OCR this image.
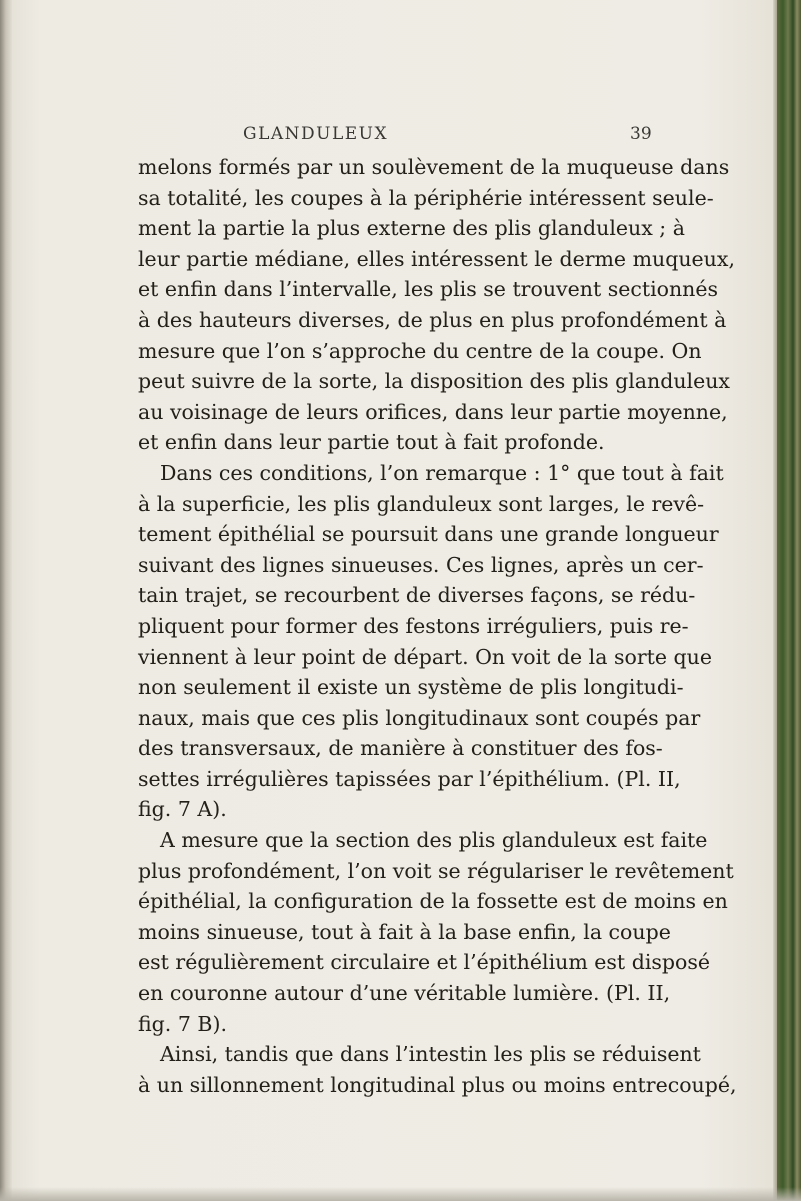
GLANDULEUX	39
melons formés par un soulèvement de la muqueuse dans
sa totalité, les coupes à la périphérie intéressent seule-
ment la partie la plus externe des plis glanduleux ; à
leur partie médiane, elles intéressent le derme muqueux,
et enfin dans l’intervalle, les plis se trouvent sectionnés
à des hauteurs diverses, de plus en plus profondément à
mesure que l’on s’approche du centre de la coupe. On
peut suivre de la sorte, la disposition des plis glanduleux
au voisinage de leurs orifices, dans leur partie moyenne,
et enfin dans leur partie tout à fait profonde.
Dans ces conditions, l’on remarque : 1° que tout à fait
à la superficie, les plis glanduleux sont larges, le revê-
tement épithélial se poursuit dans une grande longueur
suivant des lignes sinueuses. Ces lignes, après un cer-
tain trajet, se recourbent de diverses façons, se rédu-
pliquent pour former des festons irréguliers, puis re-
viennent à leur point de départ. On voit de la sorte que
non seulement il existe un système de plis longitudi-
naux, mais que ces plis longitudinaux sont coupés par
des transversaux, de manière à constituer des fos-
settes irrégulières tapissées par l’épithélium. (Pl. II,
fig. 7 A).
A mesure que la section des plis glanduleux est faite
plus profondément, l’on voit se régulariser le revêtement
épithélial, la configuration de la fossette est de moins en
moins sinueuse, tout à fait à la base enfin, la coupe
est régulièrement circulaire et l’épithélium est disposé
en couronne autour d’une véritable lumière. (Pl. II,
fig. 7 B).
Ainsi, tandis que dans l’intestin les plis se réduisent
à un sillonnement longitudinal plus ou moins entrecoupé,
